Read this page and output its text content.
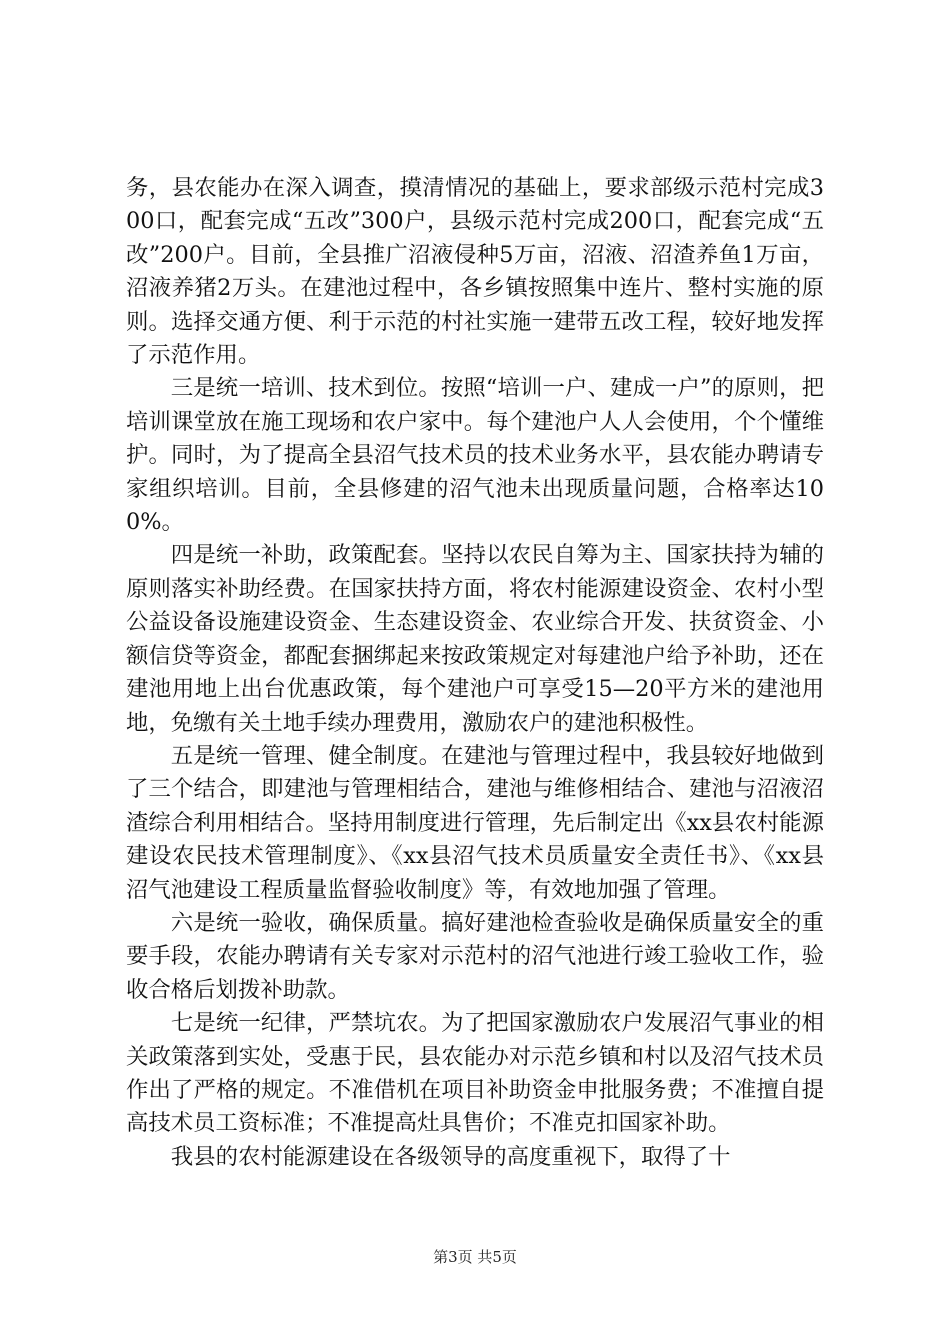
务，县农能办在深入调查，摸清情况的基础上，要求部级示范村完成300口，配套完成“五改”300户，县级示范村完成200口，配套完成“五改”200户。目前，全县推广沼液侵种5万亩，沼液、沼渣养鱼1万亩，沼液养猪2万头。在建池过程中，各乡镇按照集中连片、整村实施的原则。选择交通方便、利于示范的村社实施一建带五改工程，较好地发挥了示范作用。

三是统一培训、技术到位。按照“培训一户、建成一户”的原则，把培训课堂放在施工现场和农户家中。每个建池户人人会使用，个个懂维护。同时，为了提高全县沼气技术员的技术业务水平，县农能办聘请专家组织培训。目前，全县修建的沼气池未出现质量问题，合格率达100%。

四是统一补助，政策配套。坚持以农民自筹为主、国家扶持为辅的原则落实补助经费。在国家扶持方面，将农村能源建设资金、农村小型公益设备设施建设资金、生态建设资金、农业综合开发、扶贫资金、小额信贷等资金，都配套捆绑起来按政策规定对每建池户给予补助，还在建池用地上出台优惠政策，每个建池户可享受15—20平方米的建池用地，免缴有关土地手续办理费用，激励农户的建池积极性。

五是统一管理、健全制度。在建池与管理过程中，我县较好地做到了三个结合，即建池与管理相结合，建池与维修相结合、建池与沼液沼渣综合利用相结合。坚持用制度进行管理，先后制定出《xx县农村能源建设农民技术管理制度》、《xx县沼气技术员质量安全责任书》、《xx县沼气池建设工程质量监督验收制度》等，有效地加强了管理。

六是统一验收，确保质量。搞好建池检查验收是确保质量安全的重要手段，农能办聘请有关专家对示范村的沼气池进行竣工验收工作，验收合格后划拨补助款。

七是统一纪律，严禁坑农。为了把国家激励农户发展沼气事业的相关政策落到实处，受惠于民，县农能办对示范乡镇和村以及沼气技术员作出了严格的规定。不准借机在项目补助资金申批服务费；不准擅自提高技术员工资标准；不准提高灶具售价；不准克扣国家补助。

我县的农村能源建设在各级领导的高度重视下，取得了十

第3页 共5页
